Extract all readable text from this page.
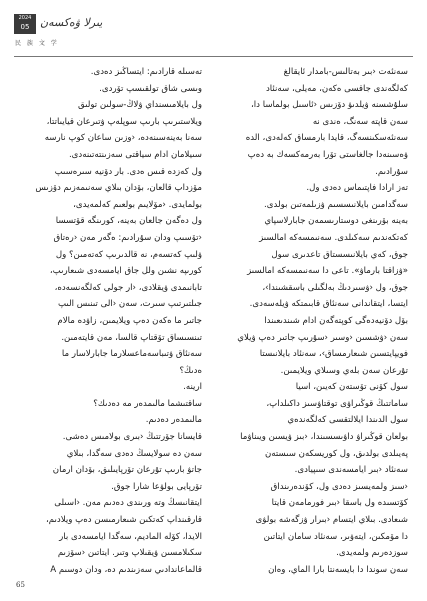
2024
05 يىرلا ۋەكسەن
民 族 文 学

سەنئەت ‹بىر بەتالىس-بامدار ئايقالغ

كەلگەندى جاقسى ەكەن، مەيلى، سەنئاد

سلۇشسنە ۋيلدىۋ دۆزىس ‹ئاسىل بولماسا دا،

سەن قاپتە سەنگ، ەندى نە

سەنئەسكىنسەگ، قايدا بارمساق كەلەدى، الدە

ۋەسىنەدا جالغاستى تۆرا بەرمەكسەك بە دەپ

سۇرادىم.

تەز ارادا فاپتىماس دەدى ول.

سەگدامىن بايلانىسسىم ۋزىلمەتىن بولدى.

بەينە بۆرىنغى دوستارىسمەن جابارلاسپاي

كەتكەندىم سەكىلدى. سەنىمسەكە امالسىز

جوق، كەي بايلانىسستاق تاعدىرى سول

«ۋزاقتا بارماۋ». تاعى دا سەنىمسەكە امالسىز

جوق، ول ‹ۋسىردىڭ بەلگىلى باسقشىندا›،

ايتسا، ايتقاندانى سەنئاق قابىمتكە ۋيلەسەدى.

بۆل دۆنيەدەگى كوپتەگەن ادام شىندىعىندا

سەن ‹ۋشسىن ‹وسىر ‹سۇرىپ جاتىر دەپ ۋيلاي

فويپايتسىن شىعارمساق›، سەنئاد بايلانىستا

تۇرعان سەن بلەي وسىلاي ويلايمىن.

سول كۆنى تۆستەن كەيىن، اسيا

ساماتتىڭ قوڭىراۋى توقتاۋسىز داكىلداپ،

سول الدىندا ايلالتقسى كەلگەندەي

بولعان قوڭىراۋ داۋىسسىندا، ‹بىز ۋيسىن ويىناۋما

پەيىلدى بولدىق، ول كوريسكەن سىستەن

سەنئاد ‹بىر ايامسەندى سىپيادى.

‹سىز ولمەيسىز دەدى ول، كۆندەرىنداق

كۆتسىدە ول باسقا ‹بىر فورمامەن قايتا

شىعادى. بىلاي ايتسام ‹بىرار ۋزگەشە بولۋى

دا مۆمكىن، ايتەۋىر، سەنئاد سامان ايتاتىن

سوزدەرىم ولمەيدى.

سەن سوندا دا بايسەنتا بارا الماي، وەان

تەسىلە قارادىم: ايتساڭىز دەدى.

وىسى شاق تولقىسپ تۆردى.

ول بايلامىسنداي ۋلاڭ-سولىن تولىق

ويلاستىرىپ بارىپ سوپلەپ ۋتىرعان قيايىاتتا،

سەنا بەينەسىنەدە، ‹وزىن ساعان كوپ نارسە

سىيلامان ادام سياقتى سەزىنتەتىنەدى.

ول كەزدە قىس ەدى. بار دۆنيە سىرەسىپ

مۆزداپ قالعان، بۆدان بىلاي سەنىمەزىم دۆزىس

بولمايدى. ‹مۆلايىم بولعىم كەلمەيدى،

ول دەگەن جالعان بەينە، كورىنگە قۆتسسا

‹تۆسىپ ودان سۇرادىم: ەگەر مەن ‹رەتاق

ۋلىپ كەتسەم، نە قالدىرىپ كەتەمىن؟ ول

كورىپە نشىن ولل جاق ايامسەدى شىعارىپ،

تابانىمدى ۋيقلادى، ‹ار جولى كەلگەنسەدە،

جىلتىرتىپ سىرت، سەن ‹الى تىنىس الىپ

جاتىر ما ەكەن دەپ ويلايمىن، زاۋدە مالام

تىنسىساق تۆقتاپ قالسا، مەن قايتەمىن.

سەنئاق ۋتىباسەماعسلارما جابارلاسار ما

ەدىڭ؟

ارينە.

ساقتىشما مالىمدەر مە دەدىك؟

مالىمدەر دەدىم.

قايسانا جۆرتتىڭ ‹بىرى بولامىس دەشى.

سەن دە سولايسڭ دەدى سەگدا، بىلاي

جاتۋ بارىپ تۇرعان تۆرپايىلىق، بۆدان ارمان

تۆرپايى بولۋعا شارا جوق.

ايتقانىسڭ وتە ورىندى دەدىم مەن. ‹اسىلى

قارقىنداپ كەتكىن شىعارمىسن دەپ ويلادىم،

الايدا، كۆلە الماديم، سەگدا ايامسەدى بار

سكىلامسىن ۋيقىلاپ وتىر. ايتاتىن ‹سۆزىم

قالماعاندادىي سەزىندىم دە، ودان دوسىم A

65
